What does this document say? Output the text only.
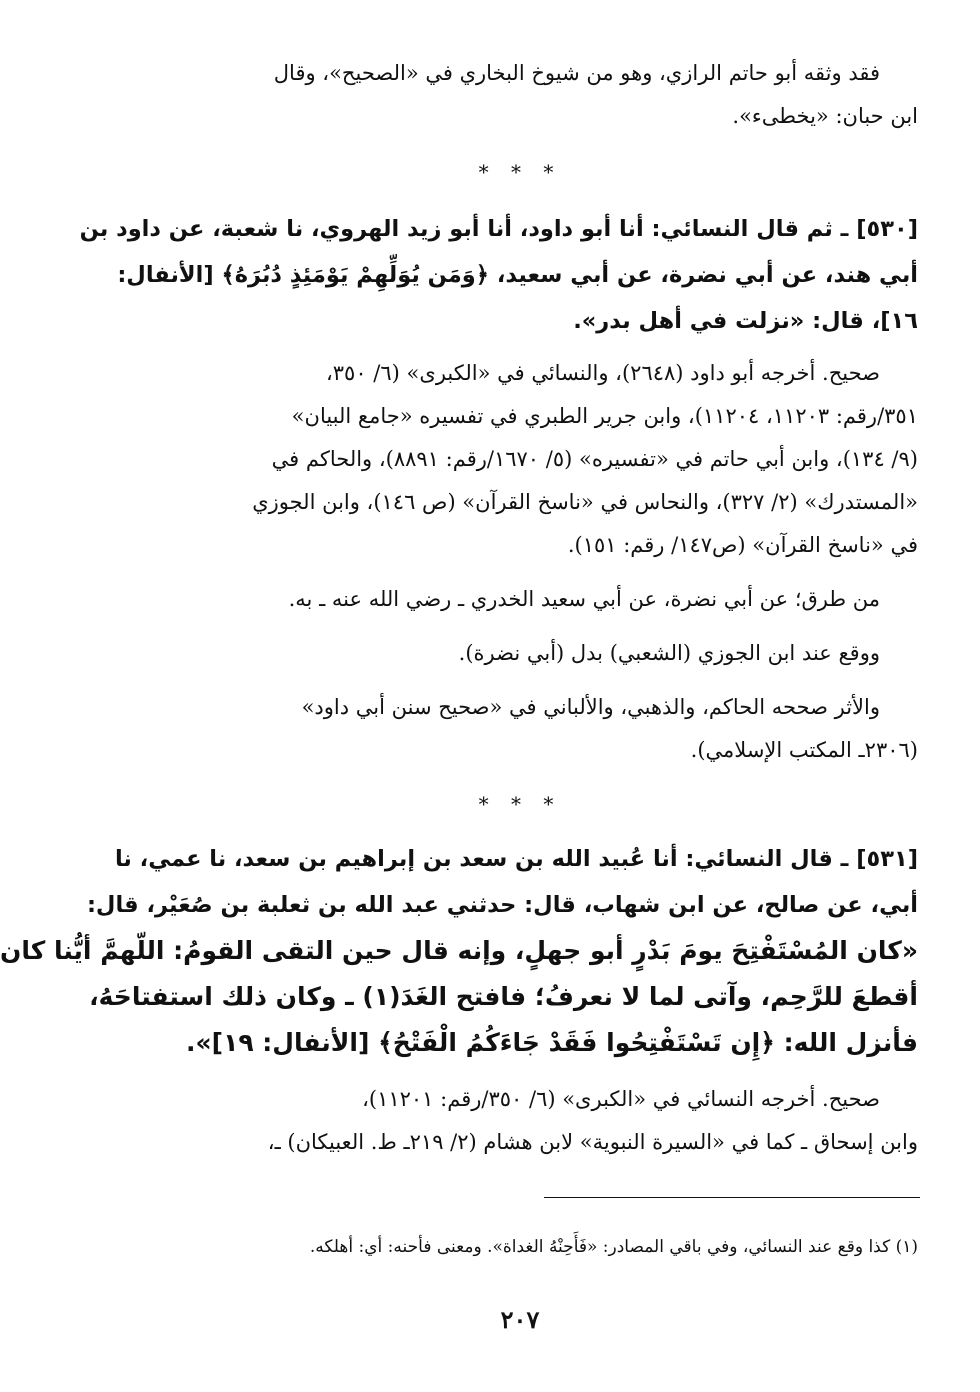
فقد وثقه أبو حاتم الرازي، وهو من شيوخ البخاري في «الصحيح»، وقال
ابن حبان: «يخطىء».
* * *
[٥٣٠] ـ ثم قال النسائي: أنا أبو داود، أنا أبو زيد الهروي، نا شعبة، عن داود بن
أبي هند، عن أبي نضرة، عن أبي سعيد، ﴿وَمَن يُوَلِّهِمْ يَوْمَئِذٍ دُبُرَهُ﴾ [الأنفال:
١٦]، قال: «نزلت في أهل بدر».
صحيح. أخرجه أبو داود (٢٦٤٨)، والنسائي في «الكبرى» (٦/ ٣٥٠،
٣٥١/رقم: ١١٢٠٣، ١١٢٠٤)، وابن جرير الطبري في تفسيره «جامع البيان»
(٩/ ١٣٤)، وابن أبي حاتم في «تفسيره» (٥/ ١٦٧٠/رقم: ٨٨٩١)، والحاكم في
«المستدرك» (٢/ ٣٢٧)، والنحاس في «ناسخ القرآن» (ص ١٤٦)، وابن الجوزي
في «ناسخ القرآن» (ص١٤٧/ رقم: ١٥١).
من طرق؛ عن أبي نضرة، عن أبي سعيد الخدري ـ رضي الله عنه ـ به.
ووقع عند ابن الجوزي (الشعبي) بدل (أبي نضرة).
والأثر صححه الحاكم، والذهبي، والألباني في «صحيح سنن أبي داود»
(٢٣٠٦ـ المكتب الإسلامي).
* * *
[٥٣١] ـ قال النسائي: أنا عُبيد الله بن سعد بن إبراهيم بن سعد، نا عمي، نا
أبي، عن صالح، عن ابن شهاب، قال: حدثني عبد الله بن ثعلبة بن صُعَيْر، قال:
«كان المُسْتَفْتِحَ يومَ بَدْرٍ أبو جهلٍ، وإنه قال حين التقى القومُ: اللّهمَّ أيُّنا كان
أقطعَ للرَّحِم، وآتى لما لا نعرفُ؛ فافتح الغَدَ(١) ـ وكان ذلك استفتاحَهُ،
فأنزل الله: ﴿إِن تَسْتَفْتِحُوا فَقَدْ جَاءَكُمُ الْفَتْحُ﴾ [الأنفال: ١٩]».
صحيح. أخرجه النسائي في «الكبرى» (٦/ ٣٥٠/رقم: ١١٢٠١)،
وابن إسحاق ـ كما في «السيرة النبوية» لابن هشام (٢/ ٢١٩ـ ط. العبيكان) ـ،
(١) كذا وقع عند النسائي، وفي باقي المصادر: «فَأَحِنْهُ الغداة». ومعنى فأحنه: أي: أهلكه.
٢٠٧
